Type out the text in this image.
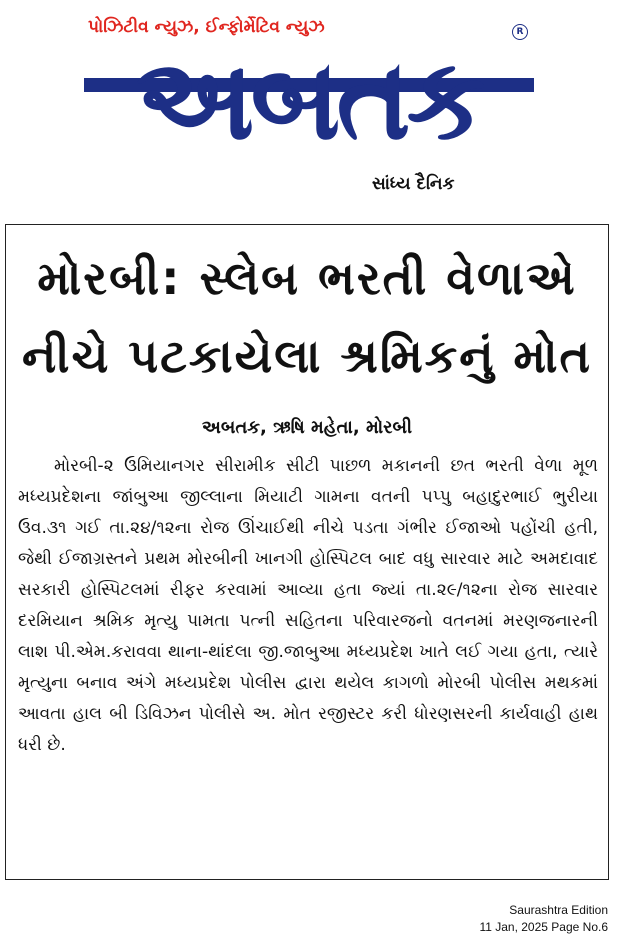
પોઝિટીવ ન્યુઝ, ઈન્ફોર્મેટિવ ન્યુઝ	R
અબતક
સાંધ્ય દૈનિક
મોરબી: સ્લેબ ભરતી વેળાએ
નીચે પટકાયેલા શ્રમિકનું મોત
અબતક, ઋષિ મહેતા, મોરબી
મોરબી-૨ ઉમિયાનગર સીરામીક સીટી પાછળ મકાનની છત ભરતી વેળા મૂળ મધ્યપ્રદેશના જાંબુઆ જીલ્લાના મિયાટી ગામના વતની પપ્પુ બહાદુરભાઈ ભુરીયા ઉવ.૩૧ ગઈ તા.૨૪/૧૨ના રોજ ઊંચાઈથી નીચે પડતા ગંભીર ઈજાઓ પહોંચી હતી, જેથી ઈજાગ્રસ્તને પ્રથમ મોરબીની ખાનગી હોસ્પિટલ બાદ વધુ સારવાર માટે અમદાવાદ સરકારી હોસ્પિટલમાં રીફર કરવામાં આવ્યા હતા જ્યાં તા.૨૯/૧૨ના રોજ સારવાર દરમિયાન શ્રમિક મૃત્યુ પામતા પત્ની સહિતના પરિવારજનો વતનમાં મરણજનારની લાશ પી.એમ.કરાવવા થાના-થાંદલા જી.જાબુઆ મધ્યપ્રદેશ ખાતે લઈ ગયા હતા, ત્યારે મૃત્યુના બનાવ અંગે મધ્યપ્રદેશ પોલીસ દ્વારા થયેલ કાગળો મોરબી પોલીસ મથકમાં આવતા હાલ બી ડિવિઝન પોલીસે અ. મોત રજીસ્ટર કરી ધોરણસરની કાર્યવાહી હાથ ધરી છે.
Saurashtra Edition
11 Jan, 2025 Page No.6
